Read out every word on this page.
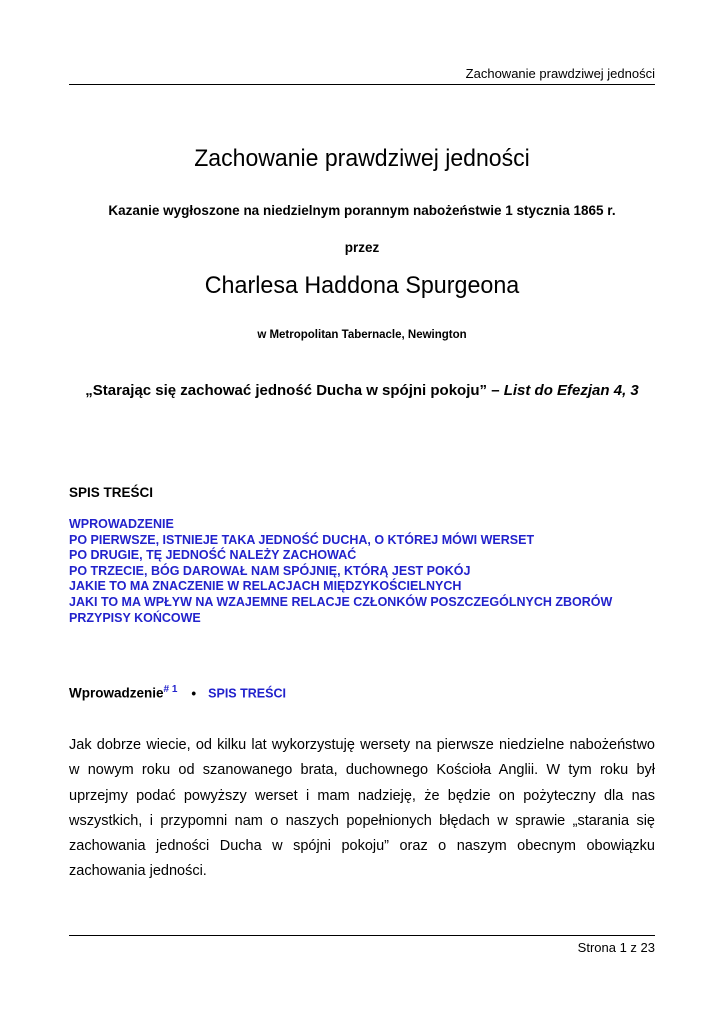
Zachowanie prawdziwej jedności
Zachowanie prawdziwej jedności
Kazanie wygłoszone na niedzielnym porannym nabożeństwie 1 stycznia 1865 r.
przez
Charlesa Haddona Spurgeona
w Metropolitan Tabernacle, Newington
„Starając się zachować jedność Ducha w spójni pokoju” – List do Efezjan 4, 3
SPIS TREŚCI
WPROWADZENIE
PO PIERWSZE, ISTNIEJE TAKA JEDNOŚĆ DUCHA, O KTÓREJ MÓWI WERSET
PO DRUGIE, TĘ JEDNOŚĆ NALEŻY ZACHOWAĆ
PO TRZECIE, BÓG DAROWAŁ NAM SPÓJNIĘ, KTÓRĄ JEST POKÓJ
JAKIE TO MA ZNACZENIE W RELACJACH MIĘDZYKOŚCIELNYCH
JAKI TO MA WPŁYW NA WZAJEMNE RELACJE CZŁONKÓW POSZCZEGÓLNYCH ZBORÓW
PRZYPISY KOŃCOWE
Wprowadzenie$^{\# 1}$ • SPIS TREŚCI

Jak dobrze wiecie, od kilku lat wykorzystuję wersety na pierwsze niedzielne nabożeństwo w nowym roku od szanowanego brata, duchownego Kościoła Anglii. W tym roku był uprzejmy podać powyższy werset i mam nadzieję, że będzie on pożyteczny dla nas wszystkich, i przypomni nam o naszych popełnionych błędach w sprawie „starania się zachowania jedności Ducha w spójni pokoju” oraz o naszym obecnym obowiązku zachowania jedności.

Strona 1 z 23
